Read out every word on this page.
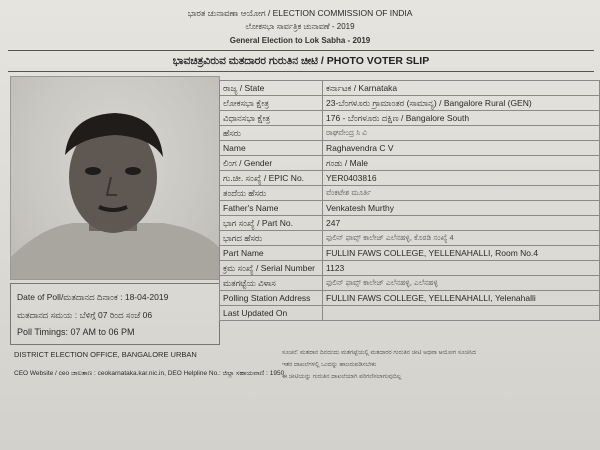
ಭಾರತ ಚುನಾವಣಾ ಆಯೋಗ / ELECTION COMMISSION OF INDIA
ಲೋಕಸಭಾ ಸಾರ್ವತ್ರಿಕ ಚುನಾವಣೆ - 2019
General Election to Lok Sabha - 2019
ಭಾವಚಿತ್ರವಿರುವ ಮತದಾರರ ಗುರುತಿನ ಚೀಟಿ / PHOTO VOTER SLIP
Date of Poll/ಮತದಾನದ ದಿನಾಂಕ : 18-04-2019
ಮತದಾನದ ಸಮಯ : ಬೆಳಿಗ್ಗೆ 07 ರಿಂದ ಸಂಜೆ 06
Poll Timings: 07 AM to 06 PM
ರಾಜ್ಯ / State	ಕರ್ನಾಟಕ / Karnataka
ಲೋಕಸಭಾ ಕ್ಷೇತ್ರ	23-ಬೆಂಗಳೂರು ಗ್ರಾಮಾಂತರ (ಸಾಮಾನ್ಯ) / Bangalore Rural (GEN)
ವಿಧಾನಸಭಾ ಕ್ಷೇತ್ರ	176 - ಬೆಂಗಳೂರು ದಕ್ಷಿಣ / Bangalore South
ಹೆಸರು	ರಾಘವೇಂದ್ರ ಸಿ ವಿ
Name	Raghavendra C V
ಲಿಂಗ / Gender	ಗಂಡು / Male
ಗು.ಚೀ. ಸಂಖ್ಯೆ / EPIC No.	YER0403816
ತಂದೆಯ ಹೆಸರು	ವೆಂಕಟೇಶ ಮೂರ್ತಿ
Father's Name	Venkatesh Murthy
ಭಾಗ ಸಂಖ್ಯೆ / Part No.	247
ಭಾಗದ ಹೆಸರು	ಫುಲಿನ್ ಫಾವ್ಸ್ ಕಾಲೇಜ್ ಎಲೆನಹಳ್ಳಿ, ಕೊಠಡಿ ಸಂಖ್ಯೆ 4
Part Name	FULLIN FAWS COLLEGE, YELLENAHALLI, Room No.4
ಕ್ರಮ ಸಂಖ್ಯೆ / Serial Number	1123
ಮತಗಟ್ಟೆಯ ವಿಳಾಸ	ಫುಲಿನ್ ಫಾವ್ಸ್ ಕಾಲೇಜ್ ಎಲೆನಹಳ್ಳಿ, ಎಲೆನಹಳ್ಳಿ
Polling Station Address	FULLIN FAWS COLLEGE, YELLENAHALLI, Yelenahalli
Last Updated On	
DISTRICT ELECTION OFFICE, BANGALORE URBAN
CEO Website / ceo ಜಾಲತಾಣ : ceokarnataka.kar.nic.in, DEO Helpline No.: ಜಿಲ್ಲಾ ಸಹಾಯವಾಣಿ : 1950
ಸೂಚನೆ: ಮತದಾನ ದಿನದಂದು ಮತಗಟ್ಟೆಯಲ್ಲಿ ಮತದಾರರ ಗುರುತಿನ ಚೀಟಿ ಅಥವಾ ಆಯೋಗ ಸೂಚಿಸಿದ
ಇತರ ದಾಖಲೆಗಳಲ್ಲಿ ಒಂದನ್ನು ಹಾಜರುಪಡಿಸಬೇಕು
ಈ ಚೀಟಿಯನ್ನು ಗುರುತಿನ ದಾಖಲೆಯಾಗಿ ಪರಿಗಣಿಸಲಾಗುವುದಿಲ್ಲ
